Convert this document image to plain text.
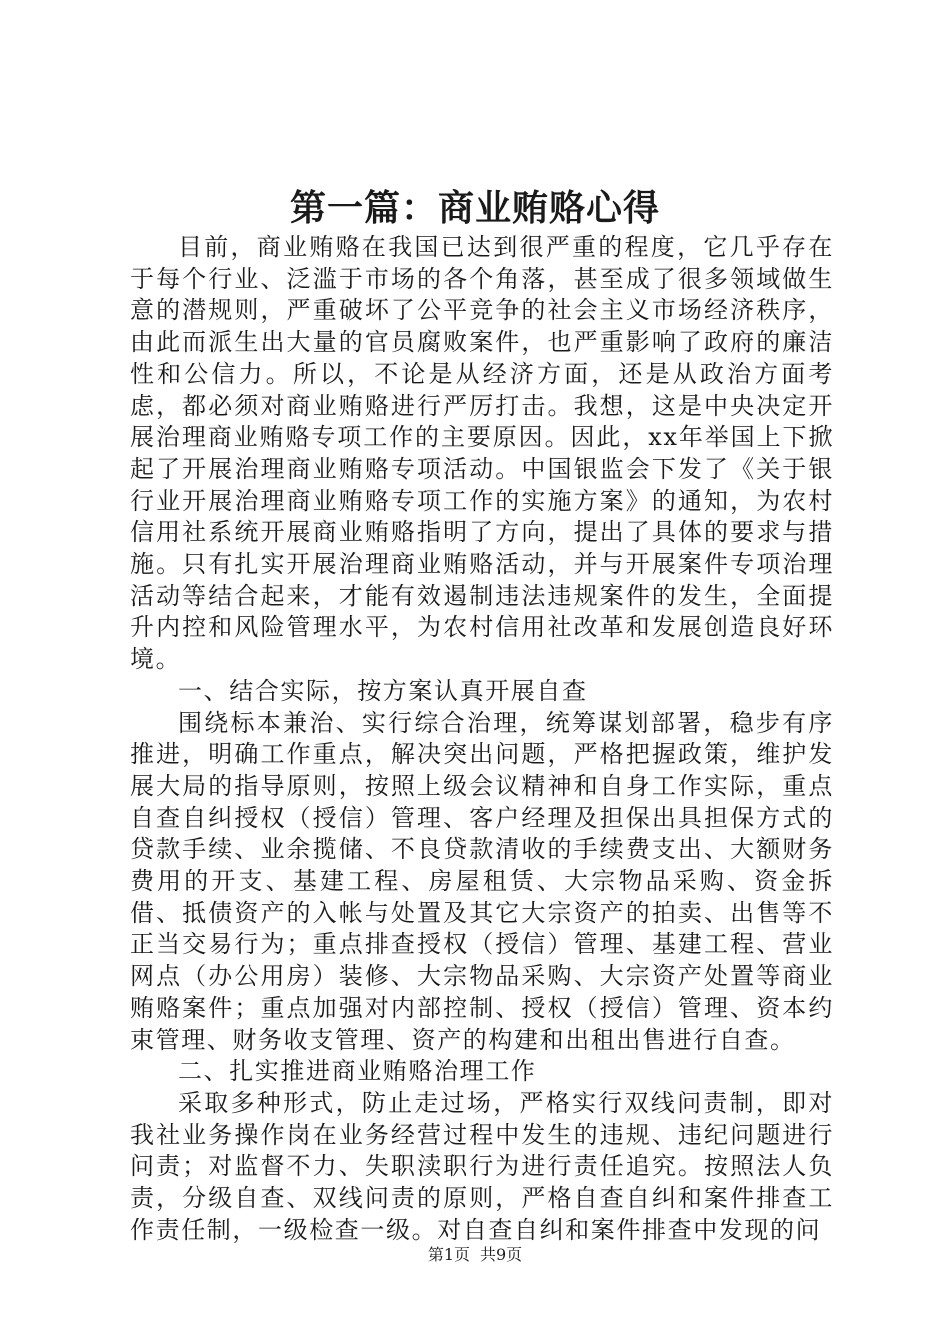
第一篇：商业贿赂心得

目前，商业贿赂在我国已达到很严重的程度，它几乎存在于每个行业、泛滥于市场的各个角落，甚至成了很多领域做生意的潜规则，严重破坏了公平竞争的社会主义市场经济秩序，由此而派生出大量的官员腐败案件，也严重影响了政府的廉洁性和公信力。所以，不论是从经济方面，还是从政治方面考虑，都必须对商业贿赂进行严厉打击。我想，这是中央决定开展治理商业贿赂专项工作的主要原因。因此，xx年举国上下掀起了开展治理商业贿赂专项活动。中国银监会下发了《关于银行业开展治理商业贿赂专项工作的实施方案》的通知，为农村信用社系统开展商业贿赂指明了方向，提出了具体的要求与措施。只有扎实开展治理商业贿赂活动，并与开展案件专项治理活动等结合起来，才能有效遏制违法违规案件的发生，全面提升内控和风险管理水平，为农村信用社改革和发展创造良好环境。

一、结合实际，按方案认真开展自查

围绕标本兼治、实行综合治理，统筹谋划部署，稳步有序推进，明确工作重点，解决突出问题，严格把握政策，维护发展大局的指导原则，按照上级会议精神和自身工作实际，重点自查自纠授权（授信）管理、客户经理及担保出具担保方式的贷款手续、业余揽储、不良贷款清收的手续费支出、大额财务费用的开支、基建工程、房屋租赁、大宗物品采购、资金拆借、抵债资产的入帐与处置及其它大宗资产的拍卖、出售等不正当交易行为；重点排查授权（授信）管理、基建工程、营业网点（办公用房）装修、大宗物品采购、大宗资产处置等商业贿赂案件；重点加强对内部控制、授权（授信）管理、资本约束管理、财务收支管理、资产的构建和出租出售进行自查。

二、扎实推进商业贿赂治理工作

采取多种形式，防止走过场，严格实行双线问责制，即对我社业务操作岗在业务经营过程中发生的违规、违纪问题进行问责；对监督不力、失职渎职行为进行责任追究。按照法人负责，分级自查、双线问责的原则，严格自查自纠和案件排查工作责任制，一级检查一级。对自查自纠和案件排查中发现的问

第1页 共9页
